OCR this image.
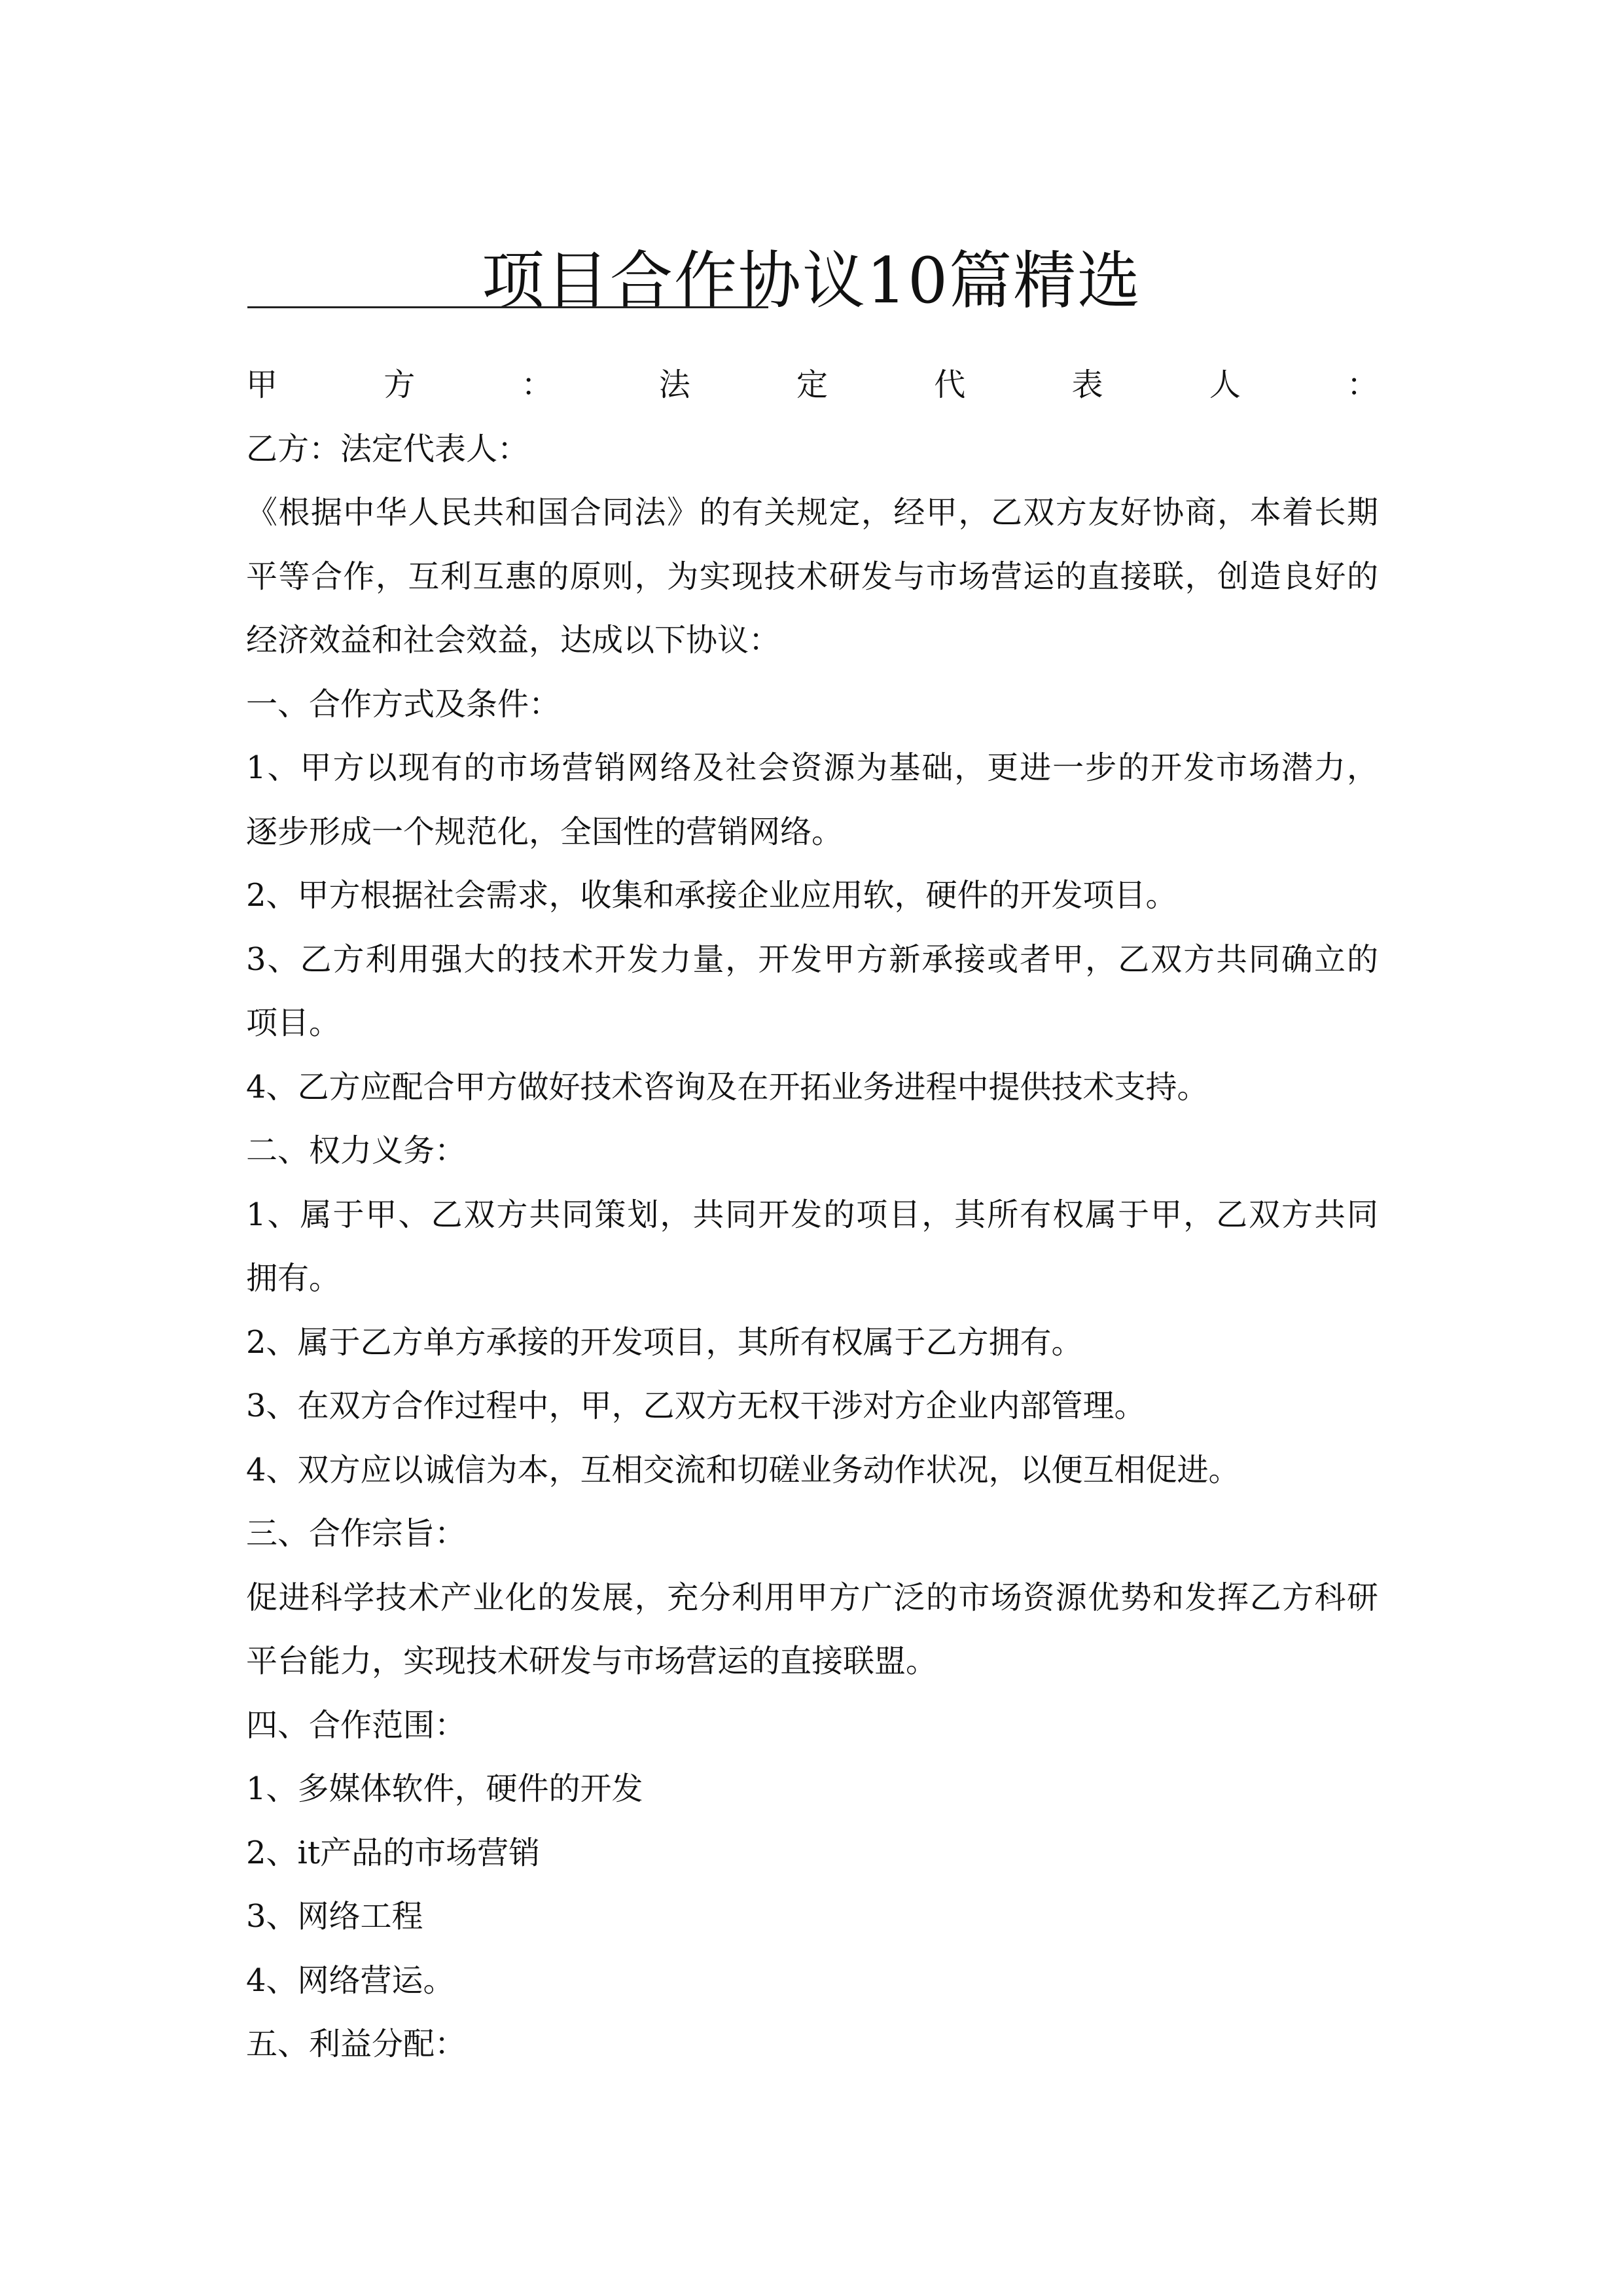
项目合作协议10篇精选
甲方：法定代表人：
乙方：法定代表人：
《根据中华人民共和国合同法》的有关规定，经甲，乙双方友好协商，本着长期
平等合作，互利互惠的原则，为实现技术研发与市场营运的直接联，创造良好的
经济效益和社会效益，达成以下协议：
一、合作方式及条件：
1、甲方以现有的市场营销网络及社会资源为基础，更进一步的开发市场潜力，
逐步形成一个规范化，全国性的营销网络。
2、甲方根据社会需求，收集和承接企业应用软，硬件的开发项目。
3、乙方利用强大的技术开发力量，开发甲方新承接或者甲，乙双方共同确立的
项目。
4、乙方应配合甲方做好技术咨询及在开拓业务进程中提供技术支持。
二、权力义务：
1、属于甲、乙双方共同策划，共同开发的项目，其所有权属于甲，乙双方共同
拥有。
2、属于乙方单方承接的开发项目，其所有权属于乙方拥有。
3、在双方合作过程中，甲，乙双方无权干涉对方企业内部管理。
4、双方应以诚信为本，互相交流和切磋业务动作状况，以便互相促进。
三、合作宗旨：
促进科学技术产业化的发展，充分利用甲方广泛的市场资源优势和发挥乙方科研
平台能力，实现技术研发与市场营运的直接联盟。
四、合作范围：
1、多媒体软件，硬件的开发
2、it产品的市场营销
3、网络工程
4、网络营运。
五、利益分配：
